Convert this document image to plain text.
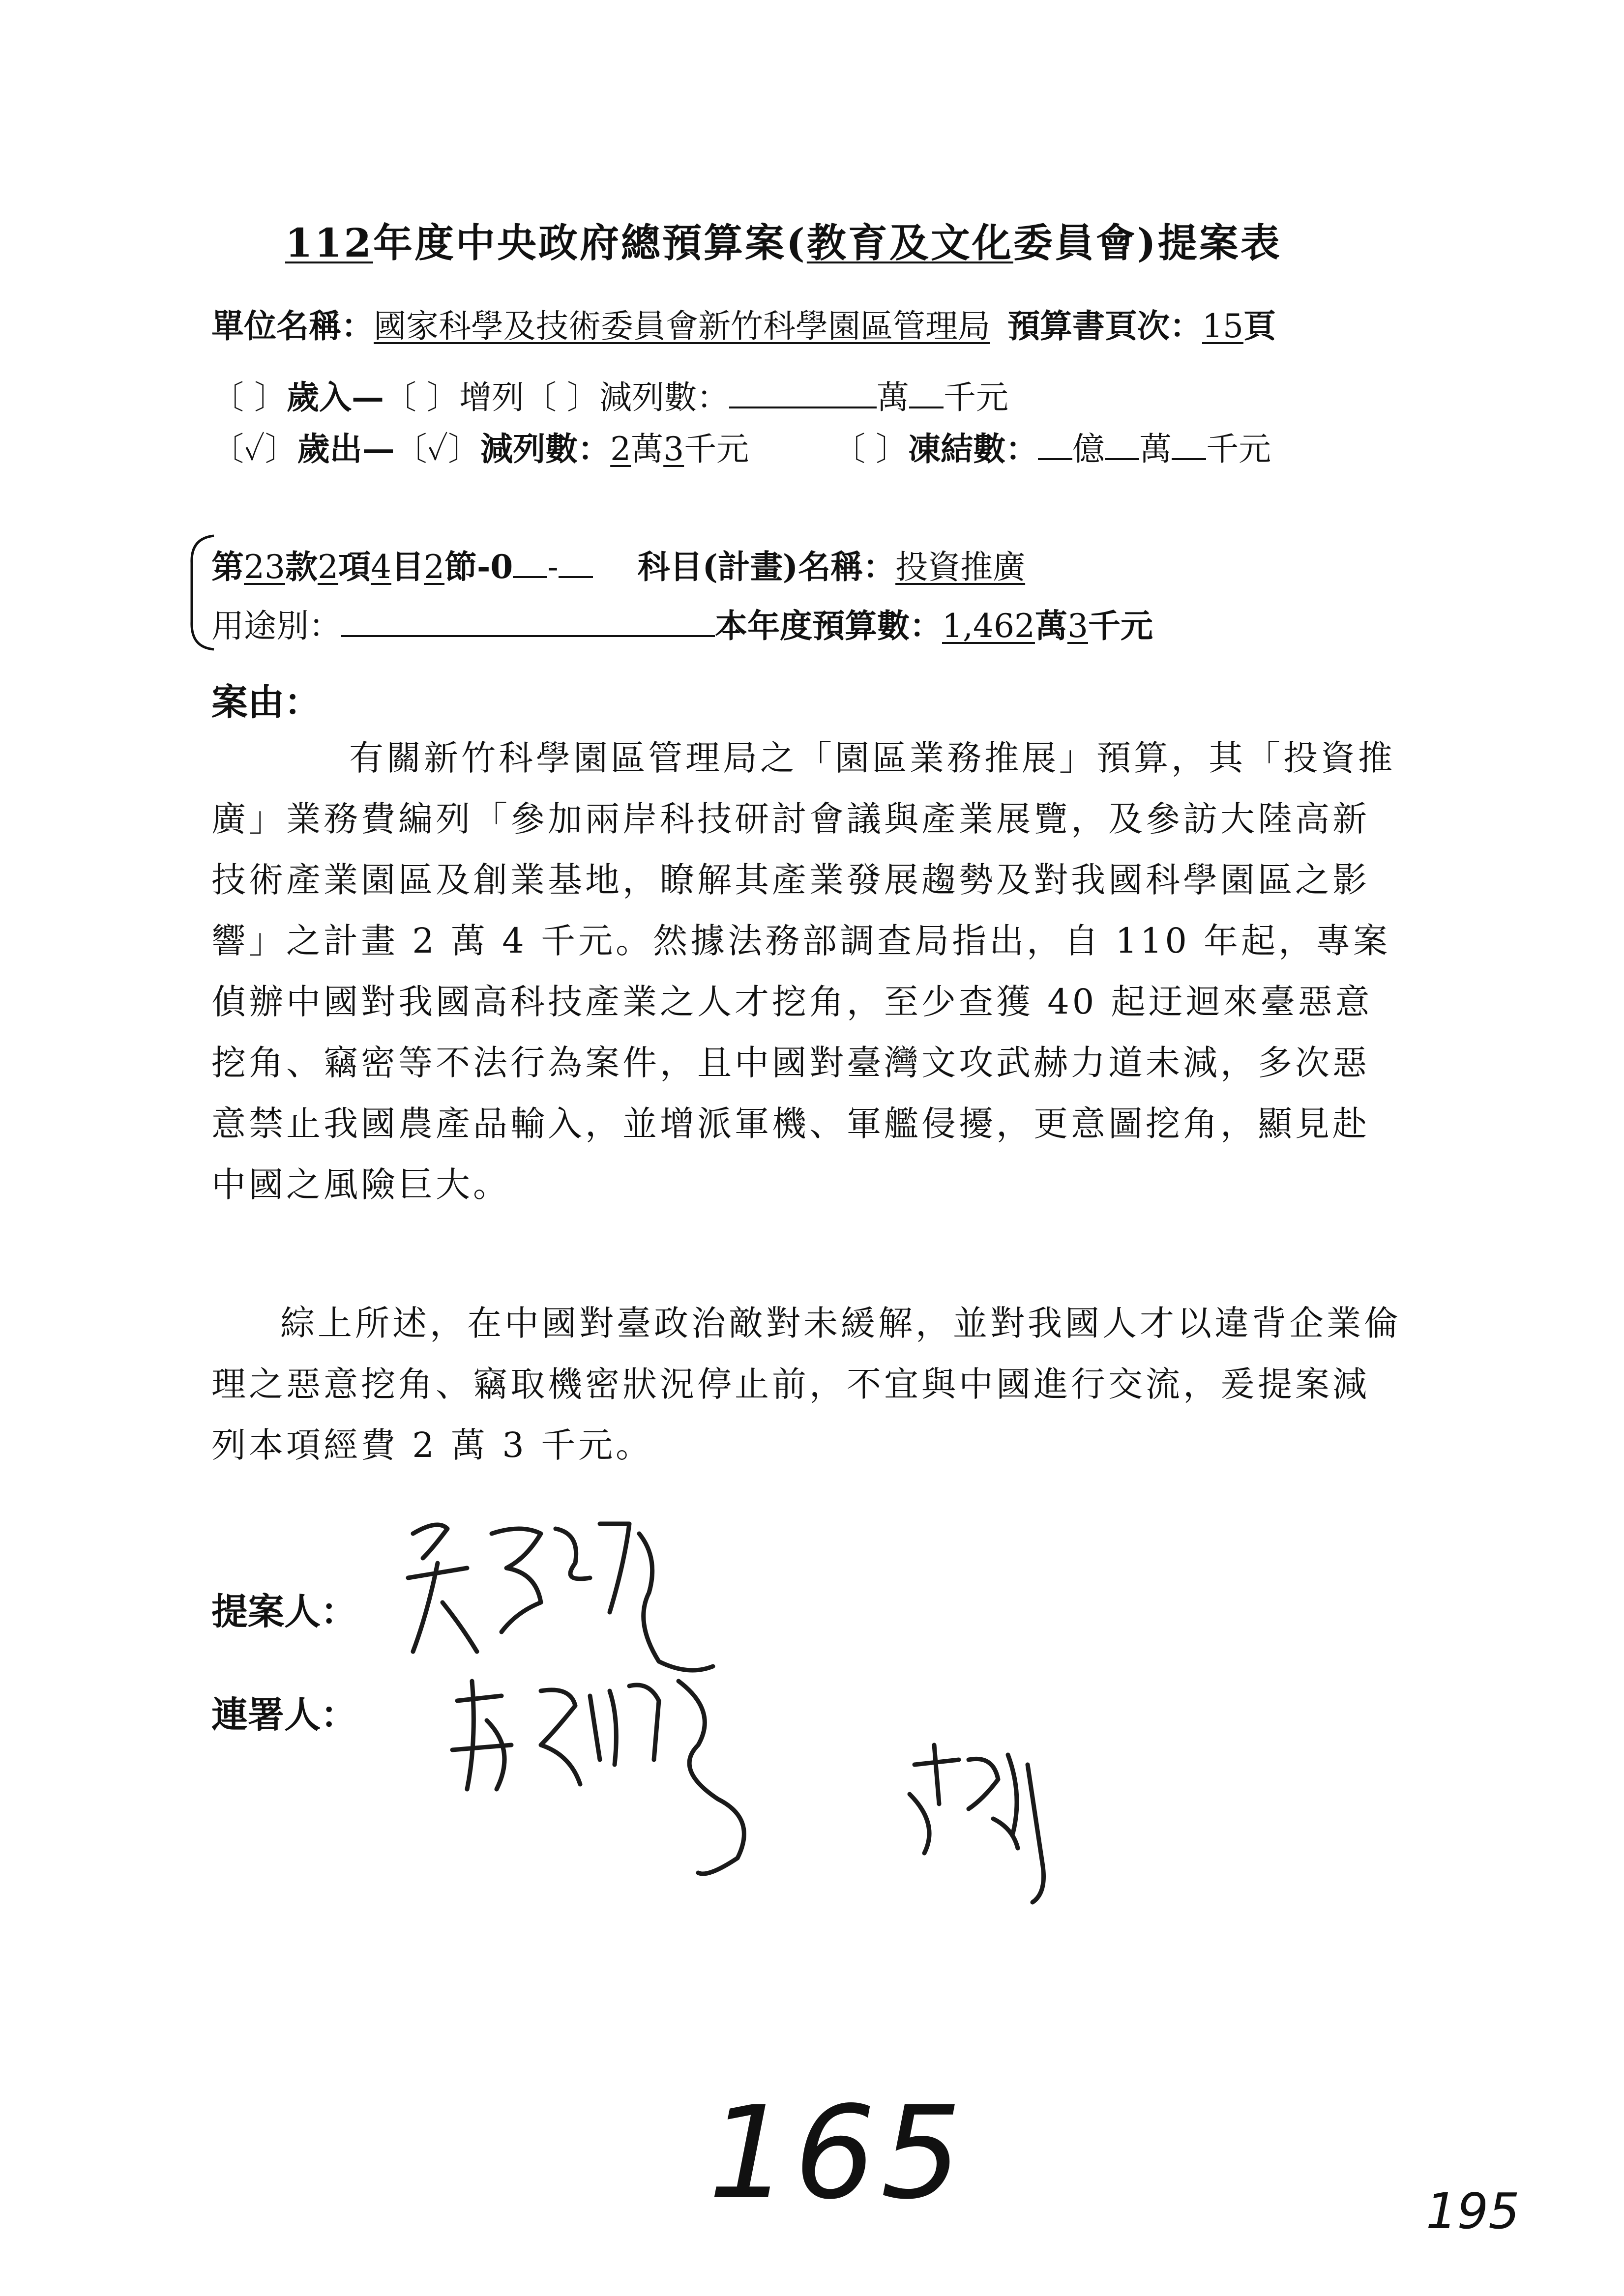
112年度中央政府總預算案(教育及文化委員會)提案表
單位名稱：國家科學及技術委員會新竹科學園區管理局 預算書頁次：15頁
〔 〕歲入—〔 〕增列〔 〕減列數：	萬 千元
〔✓〕歲出—〔✓〕減列數：2萬3千元	〔 〕凍結數： 億 萬 千元
第23款2項4目2節-0 - 科目(計畫)名稱：投資推廣
用途別：	本年度預算數：1,462萬3千元
案由：
有關新竹科學園區管理局之「園區業務推展」預算，其「投資推廣」業務費編列「參加兩岸科技研討會議與產業展覽，及參訪大陸高新技術產業園區及創業基地，瞭解其產業發展趨勢及對我國科學園區之影響」之計畫 2 萬 4 千元。然據法務部調查局指出，自 110 年起，專案偵辦中國對我國高科技產業之人才挖角，至少查獲 40 起迂迴來臺惡意挖角、竊密等不法行為案件，且中國對臺灣文攻武赫力道未減，多次惡意禁止我國農產品輸入，並增派軍機、軍艦侵擾，更意圖挖角，顯見赴中國之風險巨大。
綜上所述，在中國對臺政治敵對未緩解，並對我國人才以違背企業倫理之惡意挖角、竊取機密狀況停止前，不宜與中國進行交流，爰提案減列本項經費 2 萬 3 千元。
提案人：
連署人：
165	195
